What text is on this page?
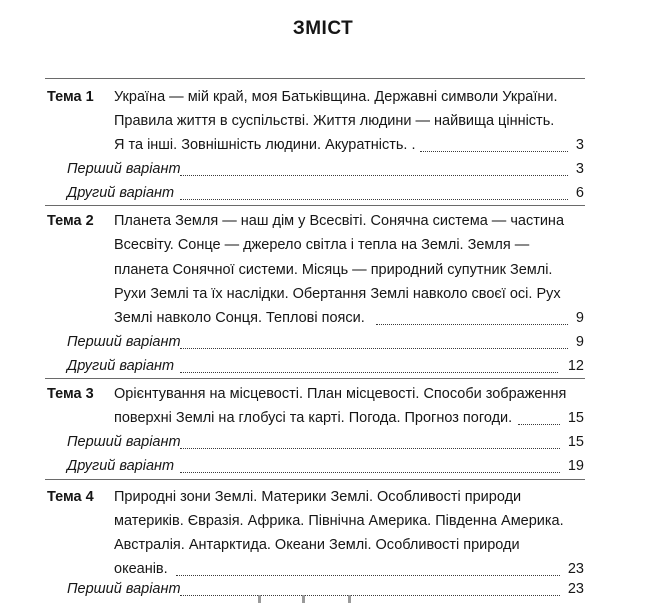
ЗМІСТ
Тема 1 Україна — мій край, моя Батьківщина. Державні символи України.
Правила життя в суспільстві. Життя людини — найвища цінність.
Я та інші. Зовнішність людини. Акуратність. .	3
Перший варіант	3
Другий варіант	6
Тема 2 Планета Земля — наш дім у Всесвіті. Сонячна система — частина
Всесвіту. Сонце — джерело світла і тепла на Землі. Земля —
планета Сонячної системи. Місяць — природний супутник Землі.
Рухи Землі та їх наслідки. Обертання Землі навколо своєї осі. Рух
Землі навколо Сонця. Теплові пояси.	9
Перший варіант	9
Другий варіант	12
Тема 3 Орієнтування на місцевості. План місцевості. Способи зображення
поверхні Землі на глобусі та карті. Погода. Прогноз погоди.	15
Перший варіант	15
Другий варіант	19
Тема 4 Природні зони Землі. Материки Землі. Особливості природи
материків. Євразія. Африка. Північна Америка. Південна Америка.
Австралія. Антарктида. Океани Землі. Особливості природи
океанів.	23
Перший варіант	23
